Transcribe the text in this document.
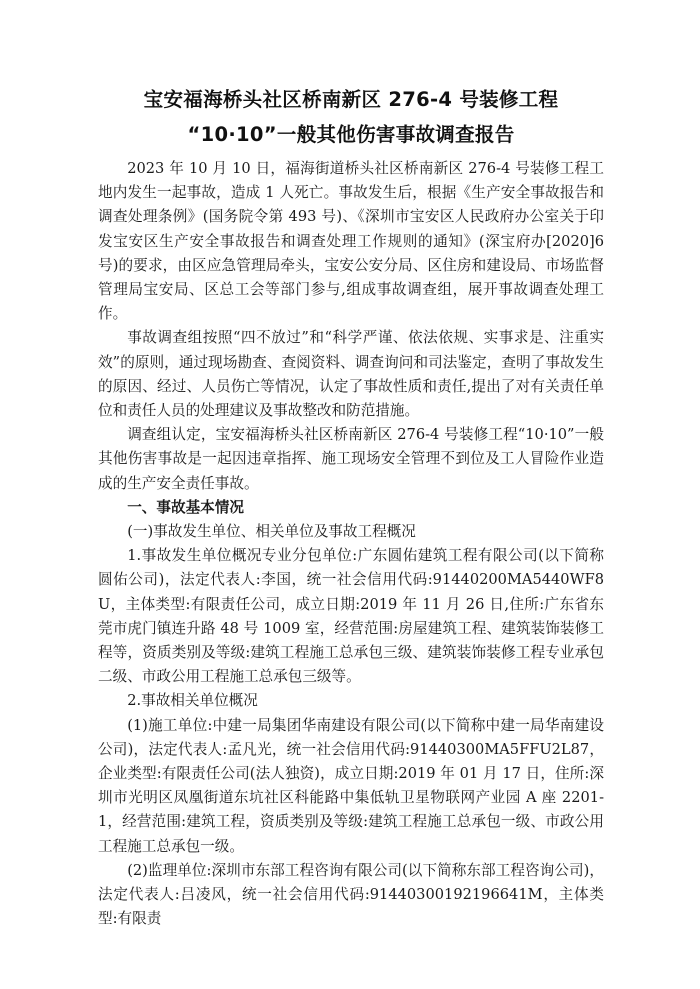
宝安福海桥头社区桥南新区 276-4 号装修工程
“10·10”一般其他伤害事故调查报告

2023 年 10 月 10 日，福海街道桥头社区桥南新区 276-4 号装修工程工地内发生一起事故，造成 1 人死亡。事故发生后，根据《生产安全事故报告和调查处理条例》(国务院令第 493 号)、《深圳市宝安区人民政府办公室关于印发宝安区生产安全事故报告和调查处理工作规则的通知》(深宝府办[2020]6 号)的要求，由区应急管理局牵头，宝安公安分局、区住房和建设局、市场监督管理局宝安局、区总工会等部门参与,组成事故调查组，展开事故调查处理工作。

事故调查组按照“四不放过”和“科学严谨、依法依规、实事求是、注重实效”的原则，通过现场勘查、查阅资料、调查询问和司法鉴定，查明了事故发生的原因、经过、人员伤亡等情况，认定了事故性质和责任,提出了对有关责任单位和责任人员的处理建议及事故整改和防范措施。

调查组认定，宝安福海桥头社区桥南新区 276-4 号装修工程“10·10”一般其他伤害事故是一起因违章指挥、施工现场安全管理不到位及工人冒险作业造成的生产安全责任事故。

一、事故基本情况

(一)事故发生单位、相关单位及事故工程概况

1.事故发生单位概况专业分包单位:广东圆佑建筑工程有限公司(以下简称圆佑公司)，法定代表人:李国，统一社会信用代码:91440200MA5440WF8U，主体类型:有限责任公司，成立日期:2019 年 11 月 26 日,住所:广东省东莞市虎门镇连升路 48 号 1009 室，经营范围:房屋建筑工程、建筑装饰装修工程等，资质类别及等级:建筑工程施工总承包三级、建筑装饰装修工程专业承包二级、市政公用工程施工总承包三级等。

2.事故相关单位概况

(1)施工单位:中建一局集团华南建设有限公司(以下简称中建一局华南建设公司)，法定代表人:孟凡光，统一社会信用代码:91440300MA5FFU2L87，企业类型:有限责任公司(法人独资)，成立日期:2019 年 01 月 17 日，住所:深圳市光明区凤凰街道东坑社区科能路中集低轨卫星物联网产业园 A 座 2201-1，经营范围:建筑工程，资质类别及等级:建筑工程施工总承包一级、市政公用工程施工总承包一级。

(2)监理单位:深圳市东部工程咨询有限公司(以下简称东部工程咨询公司)，法定代表人:吕凌风，统一社会信用代码:91440300192196641M，主体类型:有限责
